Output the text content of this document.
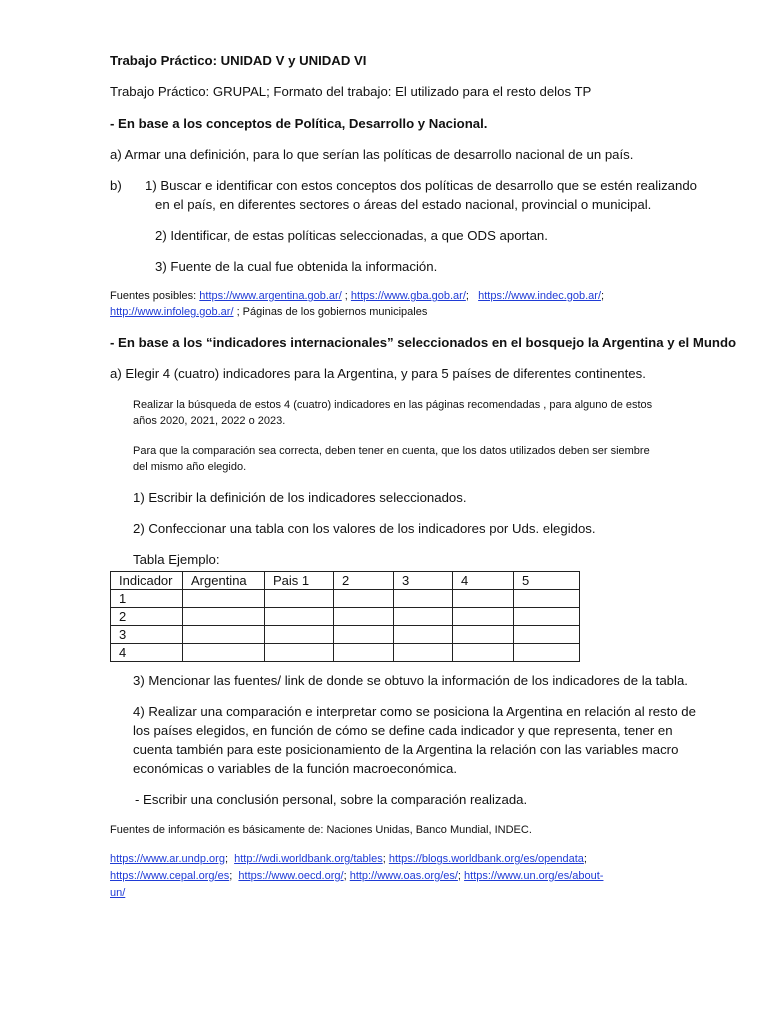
Trabajo Práctico: UNIDAD V y UNIDAD VI
Trabajo Práctico: GRUPAL; Formato del trabajo: El utilizado para el resto delos TP
- En base a los conceptos de Política, Desarrollo y Nacional.
a) Armar una definición, para lo que serían las políticas de desarrollo nacional de un país.
b) 1) Buscar e identificar con estos conceptos dos políticas de desarrollo que se estén realizando
en el país, en diferentes sectores o áreas del estado nacional, provincial o municipal.
2) Identificar, de estas políticas seleccionadas, a que ODS aportan.
3) Fuente de la cual fue obtenida la información.
Fuentes posibles: https://www.argentina.gob.ar/ ; https://www.gba.gob.ar/;   https://www.indec.gob.ar/;
http://www.infoleg.gob.ar/ ; Páginas de los gobiernos municipales
- En base a los “indicadores internacionales” seleccionados en el bosquejo la Argentina y el Mundo
a) Elegir 4 (cuatro) indicadores para la Argentina, y para 5 países de diferentes continentes.
Realizar la búsqueda de estos 4 (cuatro) indicadores en las páginas recomendadas , para alguno de estos
años 2020, 2021, 2022 o 2023.
Para que la comparación sea correcta, deben tener en cuenta, que los datos utilizados deben ser siembre
del mismo año elegido.
1) Escribir la definición de los indicadores seleccionados.
2) Confeccionar una tabla con los valores de los indicadores por Uds. elegidos.
Tabla Ejemplo:
Indicador	Argentina	Pais 1	2	3	4	5
1						
2						
3						
4						
3) Mencionar las fuentes/ link de donde se obtuvo la información de los indicadores de la tabla.
4) Realizar una comparación e interpretar como se posiciona la Argentina en relación al resto de
los países elegidos, en función de cómo se define cada indicador y que representa, tener en
cuenta también para este posicionamiento de la Argentina la relación con las variables macro
económicas o variables de la función macroeconómica.
- Escribir una conclusión personal, sobre la comparación realizada.
Fuentes de información es básicamente de: Naciones Unidas, Banco Mundial, INDEC.
https://www.ar.undp.org;  http://wdi.worldbank.org/tables; https://blogs.worldbank.org/es/opendata;
https://www.cepal.org/es;  https://www.oecd.org/; http://www.oas.org/es/; https://www.un.org/es/about-
un/
